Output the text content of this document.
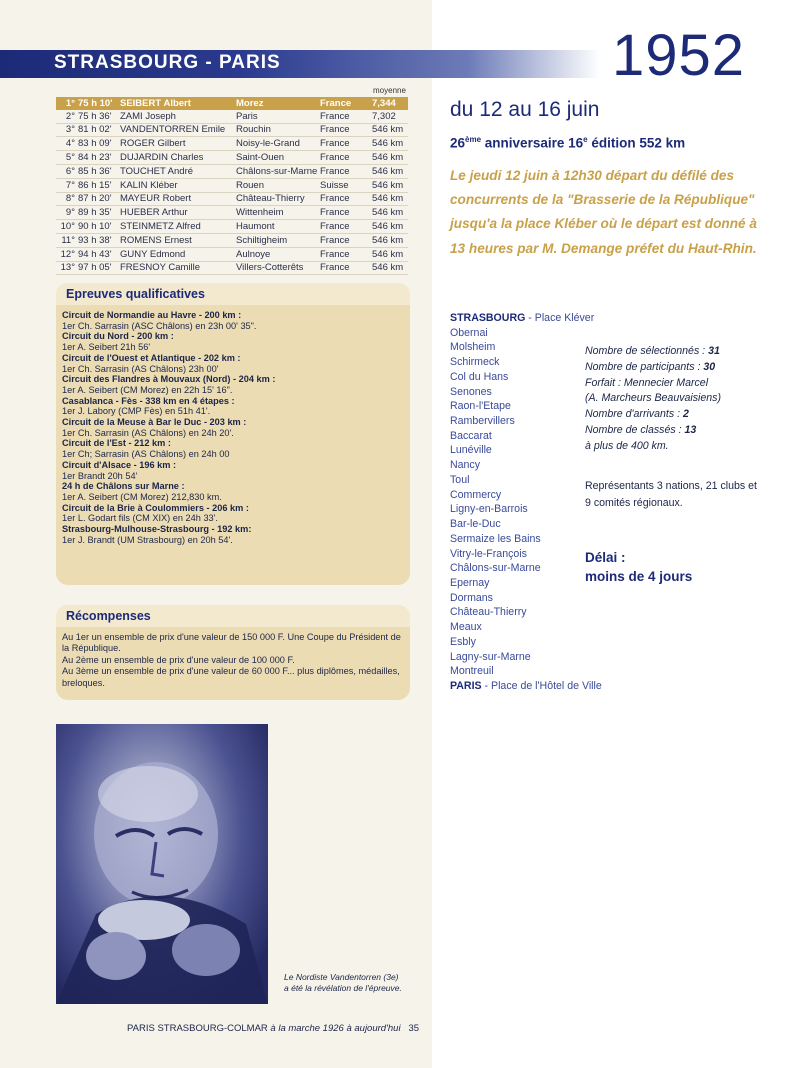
STRASBOURG - PARIS	1952
moyenne
1°	75 h 10'	SEIBERT Albert	Morez	France	7,344
2°	75 h 36'	ZAMI Joseph	Paris	France	7,302
3°	81 h 02'	VANDENTORREN Emile	Rouchin	France	546 km
4°	83 h 09'	ROGER Gilbert	Noisy-le-Grand	France	546 km
5°	84 h 23'	DUJARDIN Charles	Saint-Ouen	France	546 km
6°	85 h 36'	TOUCHET André	Châlons-sur-Marne	France	546 km
7°	86 h 15'	KALIN Kléber	Rouen	Suisse	546 km
8°	87 h 20'	MAYEUR Robert	Château-Thierry	France	546 km
9°	89 h 35'	HUEBER Arthur	Wittenheim	France	546 km
10°	90 h 10'	STEINMETZ Alfred	Haumont	France	546 km
11°	93 h 38'	ROMENS Ernest	Schiltigheim	France	546 km
12°	94 h 43'	GUNY Edmond	Aulnoye	France	546 km
13°	97 h 05'	FRESNOY Camille	Villers-Cotterêts	France	546 km
Epreuves qualificatives
Circuit de Normandie au Havre - 200 km :
1er Ch. Sarrasin (ASC Châlons) en 23h 00' 35".
Circuit du Nord - 200 km :
1er A. Seibert 21h 56'
Circuit de l'Ouest et Atlantique - 202 km :
1er Ch. Sarrasin (AS Châlons) 23h 00'
Circuit des Flandres à Mouvaux (Nord) - 204 km :
1er A. Seibert (CM Morez) en 22h 15' 16".
Casablanca - Fès - 338 km en 4 étapes :
1er J. Labory (CMP Fès) en 51h 41'.
Circuit de la Meuse à Bar le Duc - 203 km :
1er Ch. Sarrasin (AS Châlons) en 24h 20'.
Circuit de l'Est - 212 km :
1er Ch; Sarrasin (AS Châlons) en 24h 00
Circuit d'Alsace - 196 km :
1er Brandt 20h 54'
24 h de Châlons sur Marne :
1er A. Seibert (CM Morez) 212,830 km.
Circuit de la Brie à Coulommiers - 206 km :
1er L. Godart fils (CM XIX) en 24h 33'.
Strasbourg-Mulhouse-Strasbourg - 192 km:
1er J. Brandt (UM Strasbourg) en 20h 54'.
Récompenses
Au 1er un ensemble de prix d'une valeur de 150 000 F. Une Coupe du Président de la République.
Au 2ème un ensemble de prix d'une valeur de 100 000 F.
Au 3ème un ensemble de prix d'une valeur de 60 000 F... plus diplômes, médailles, breloques.
Le Nordiste Vandentorren (3e) a été la révélation de l'épreuve.
PARIS STRASBOURG-COLMAR à la marche 1926 à aujourd'hui 35
du 12 au 16 juin
26ème anniversaire 16e édition 552 km
Le jeudi 12 juin à 12h30 départ du défilé des concurrents de la "Brasserie de la République" jusqu'a la place Kléber où le départ est donné à 13 heures par M. Demange préfet du Haut-Rhin.
STRASBOURG - Place Kléver
Obernai
Molsheim
Schirmeck
Col du Hans
Senones
Raon-l'Etape
Rambervillers
Baccarat
Lunéville
Nancy
Toul
Commercy
Ligny-en-Barrois
Bar-le-Duc
Sermaize les Bains
Vitry-le-François
Châlons-sur-Marne
Epernay
Dormans
Château-Thierry
Meaux
Esbly
Lagny-sur-Marne
Montreuil
PARIS - Place de l'Hôtel de Ville
Nombre de sélectionnés : 31
Nombre de participants : 30
Forfait : Mennecier Marcel
(A. Marcheurs Beauvaisiens)
Nombre d'arrivants : 2
Nombre de classés : 13
à plus de 400 km.
Représentants 3 nations, 21 clubs et 9 comités régionaux.
Délai :
moins de 4 jours
